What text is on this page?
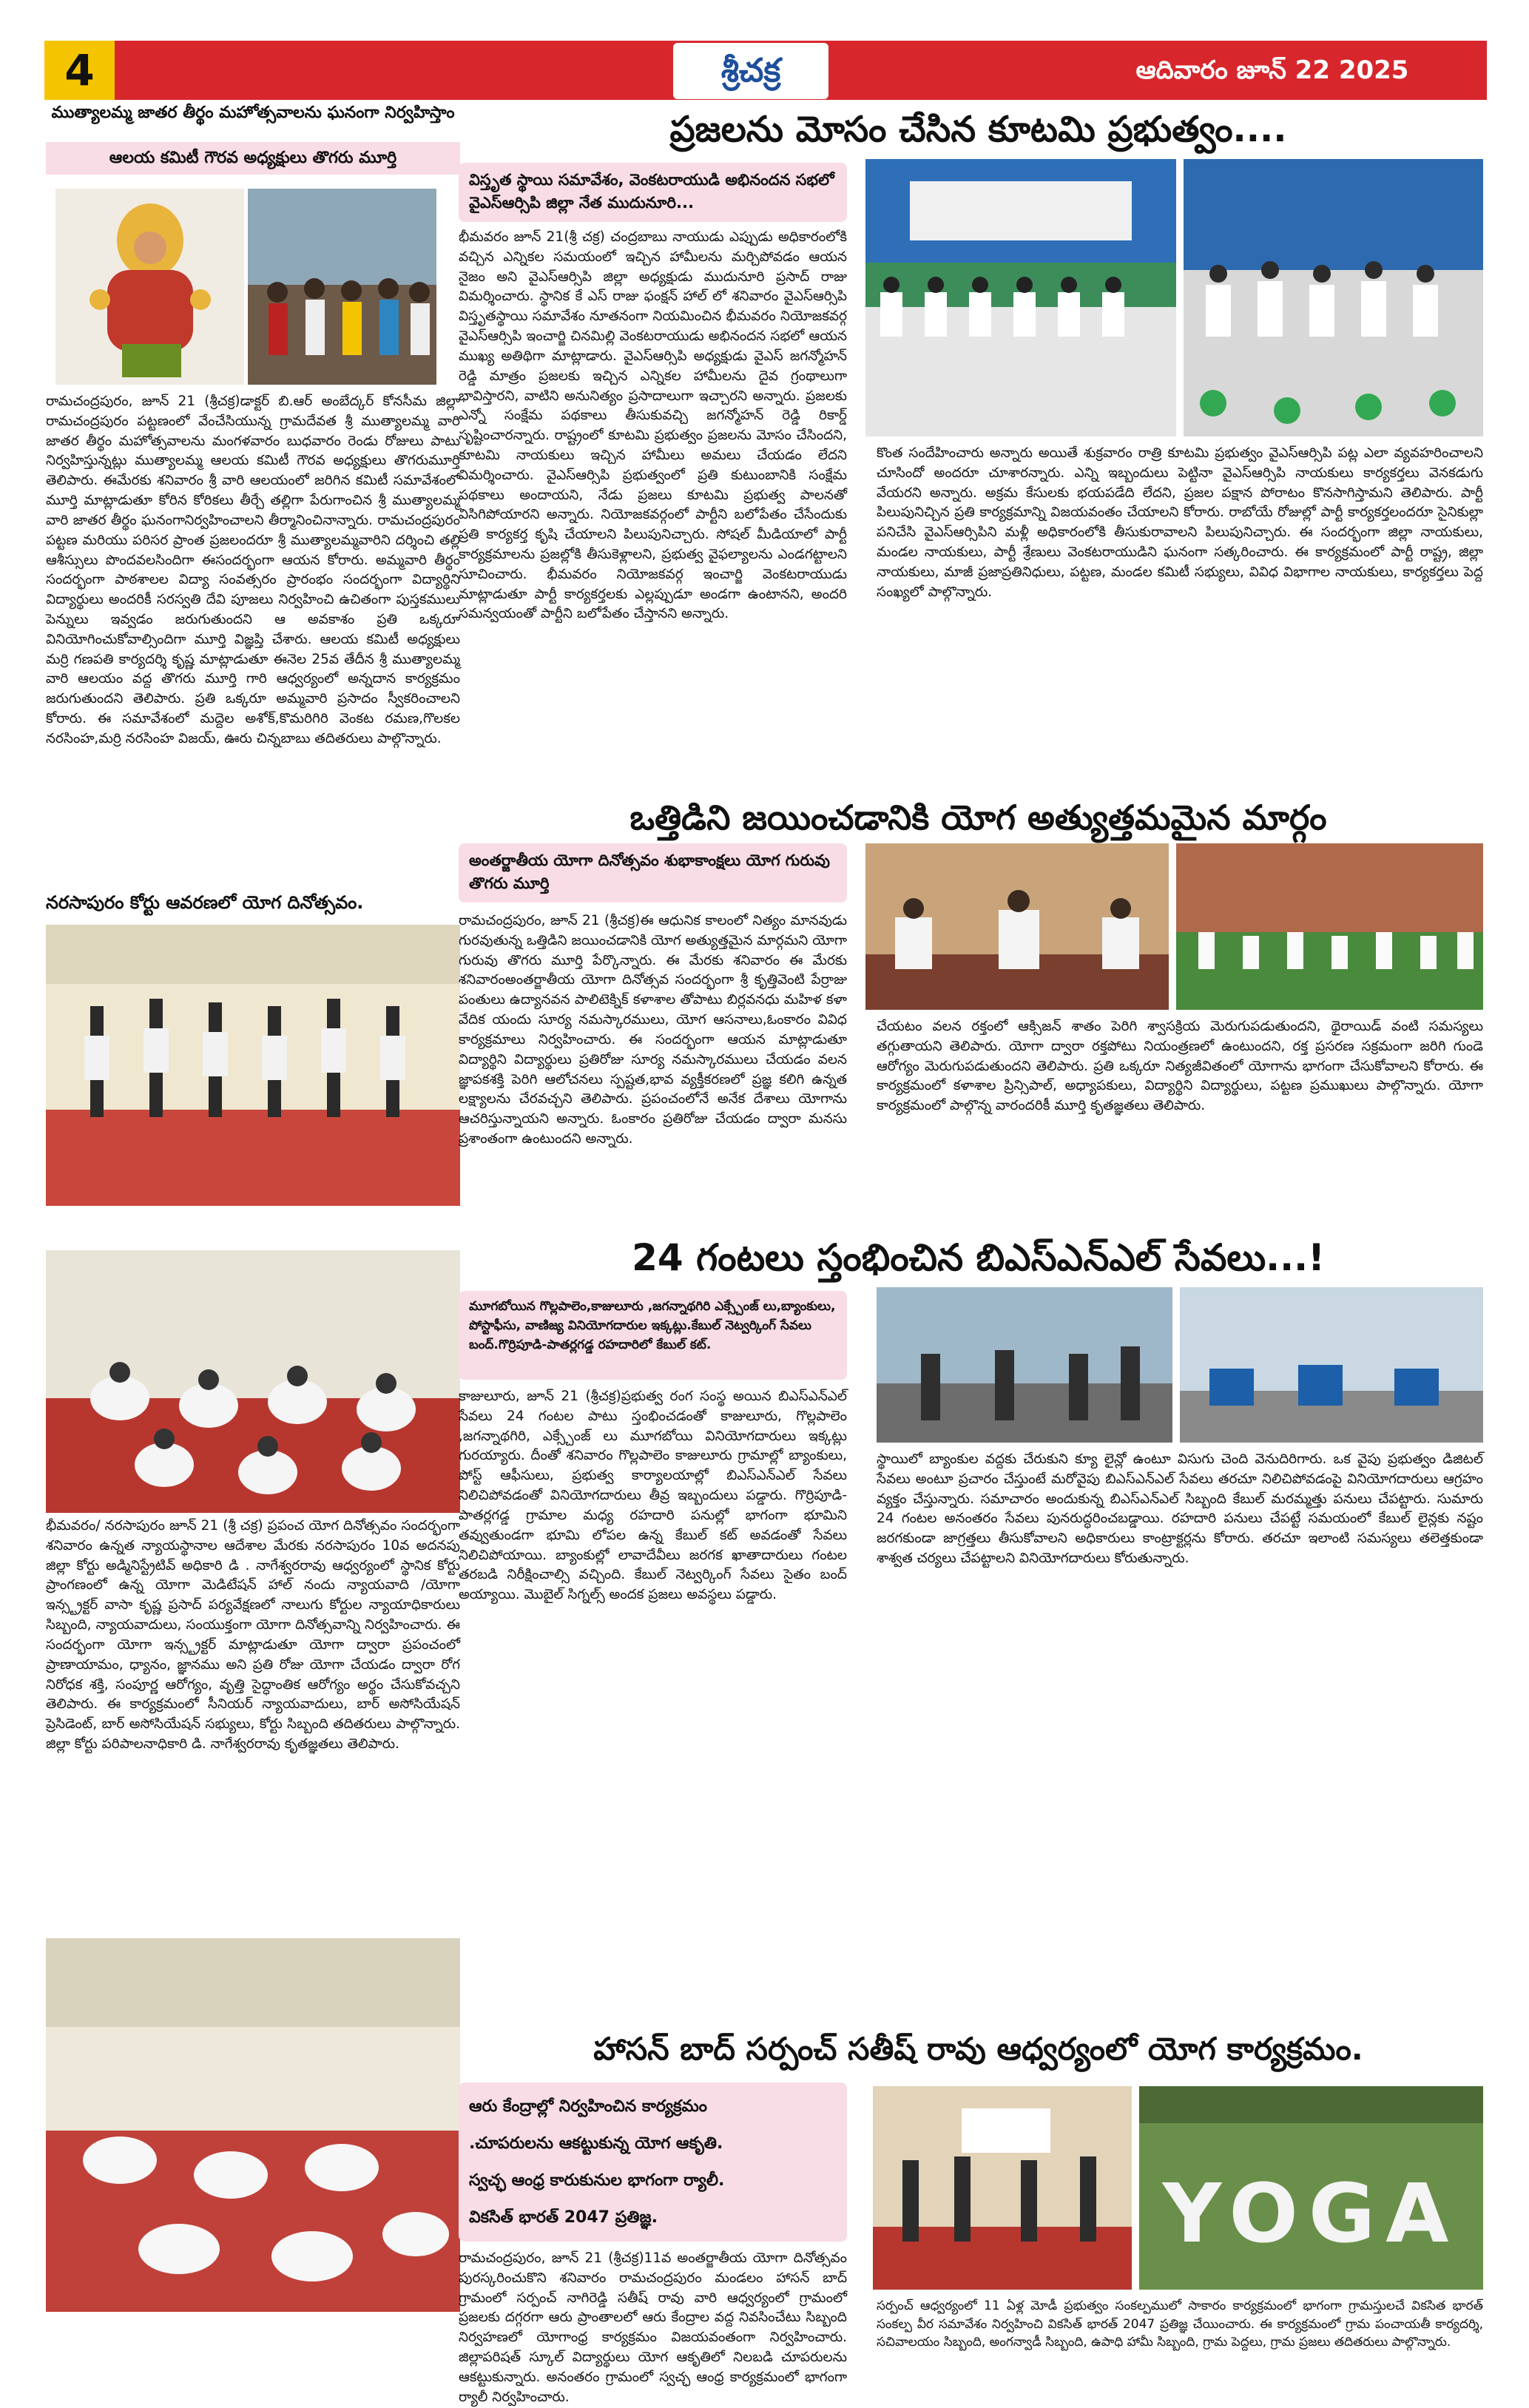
4	శ్రీచక్ర	ఆదివారం జూన్ 22 2025
ముత్యాలమ్మ జాతర తీర్థం మహోత్సవాలను ఘనంగా నిర్వహిస్తాం
ఆలయ కమిటీ గౌరవ అధ్యక్షులు తొగరు మూర్తి
రామచంద్రపురం, జూన్ 21 (శ్రీచక్ర)డాక్టర్ బి.ఆర్ అంబేద్కర్ కోనసీమ జిల్లా రామచంద్రపురం పట్టణంలో వేంచేసియున్న గ్రామదేవత శ్రీ ముత్యాలమ్మ వారి జాతర తీర్థం మహోత్సవాలను మంగళవారం బుధవారం రెండు రోజులు పాటు నిర్వహిస్తున్నట్లు ముత్యాలమ్మ ఆలయ కమిటీ గౌరవ అధ్యక్షులు తొగరుమూర్తి తెలిపారు. ఈమేరకు శనివారం శ్రీ వారి ఆలయంలో జరిగిన కమిటీ సమావేశంలో మూర్తి మాట్లాడుతూ కోరిన కోరికలు తీర్చే తల్లిగా పేరుగాంచిన శ్రీ ముత్యాలమ్మ వారి జాతర తీర్థం ఘనంగానిర్వహించాలని తీర్మానించినాన్నారు. రామచంద్రపురం పట్టణ మరియు పరిసర ప్రాంత ప్రజలందరూ శ్రీ ముత్యాలమ్మవారిని దర్శించి తల్లి ఆశీస్సులు పొందవలసిందిగా ఈసందర్భంగా ఆయన కోరారు. అమ్మవారి తీర్థం సందర్భంగా పాఠశాలల విద్యా సంవత్సరం ప్రారంభం సందర్భంగా విద్యార్థిని విద్యార్థులు అందరికీ సరస్వతి దేవి పూజలు నిర్వహించి ఉచితంగా పుస్తకములు పెన్నులు ఇవ్వడం జరుగుతుందని ఆ అవకాశం ప్రతి ఒక్కరూ వినియోగించుకోవాల్సిందిగా మూర్తి విజ్ఞప్తి చేశారు. ఆలయ కమిటీ అధ్యక్షులు మర్రి గణపతి కార్యదర్శి కృష్ణ మాట్లాడుతూ ఈనెల 25వ తేదీన శ్రీ ముత్యాలమ్మ వారి ఆలయం వద్ద తొగరు మూర్తి గారి ఆధ్వర్యంలో అన్నదాన కార్యక్రమం జరుగుతుందని తెలిపారు. ప్రతి ఒక్కరూ అమ్మవారి ప్రసాదం స్వీకరించాలని కోరారు. ఈ సమావేశంలో మద్దెల అశోక్,కొమరిగిరి వెంకట రమణ,గొలకల నరసింహ,మర్రి నరసింహ విజయ్, ఊరు చిన్నబాబు తదితరులు పాల్గొన్నారు.
నరసాపురం కోర్టు ఆవరణలో యోగ దినోత్సవం.
భీమవరం/ నరసాపురం జూన్ 21 (శ్రీ చక్ర) ప్రపంచ యోగ దినోత్సవం సందర్భంగా శనివారం ఉన్నత న్యాయస్థానాల ఆదేశాల మేరకు నరసాపురం 10వ అదనపు జిల్లా కోర్టు అడ్మినిస్ట్రేటివ్ అధికారి డి . నాగేశ్వరరావు ఆధ్వర్యంలో స్థానిక కోర్టు ప్రాంగణంలో ఉన్న యోగా మెడిటేషన్ హాల్ నందు న్యాయవాది /యోగా ఇన్స్ట్రక్టర్ వాసా కృష్ణ ప్రసాద్ పర్యవేక్షణలో నాలుగు కోర్టుల న్యాయాధికారులు సిబ్బంది, న్యాయవాదులు, సంయుక్తంగా యోగా దినోత్సవాన్ని నిర్వహించారు. ఈ సందర్భంగా యోగా ఇన్స్ట్రక్టర్ మాట్లాడుతూ యోగా ద్వారా ప్రపంచంలో ప్రాణాయామం, ధ్యానం, జ్ఞానము అని ప్రతి రోజు యోగా చేయడం ద్వారా రోగ నిరోధక శక్తి, సంపూర్ణ ఆరోగ్యం, వృత్తి సైద్ధాంతిక ఆరోగ్యం అర్థం చేసుకోవచ్చని తెలిపారు. ఈ కార్యక్రమంలో సీనియర్ న్యాయవాదులు, బార్ అసోసియేషన్ ప్రెసిడెంట్, బార్ అసోసియేషన్ సభ్యులు, కోర్టు సిబ్బంది తదితరులు పాల్గొన్నారు. జిల్లా కోర్టు పరిపాలనాధికారి డి. నాగేశ్వరరావు కృతజ్ఞతలు తెలిపారు.
ప్రజలను మోసం చేసిన కూటమి ప్రభుత్వం....
విస్తృత స్థాయి సమావేశం, వెంకటరాయుడి అభినందన సభలో వైఎస్ఆర్సిపి జిల్లా నేత ముదునూరి...
భీమవరం జూన్ 21(శ్రీ చక్ర) చంద్రబాబు నాయుడు ఎప్పుడు అధికారంలోకి వచ్చిన ఎన్నికల సమయంలో ఇచ్చిన హామీలను మర్చిపోవడం ఆయన నైజం అని వైఎస్ఆర్సిపి జిల్లా అధ్యక్షుడు ముదునూరి ప్రసాద్ రాజు విమర్శించారు. స్థానిక కే ఎస్ రాజు ఫంక్షన్ హాల్ లో శనివారం వైఎస్ఆర్సిపి విస్తృతస్థాయి సమావేశం నూతనంగా నియమించిన భీమవరం నియోజకవర్గ వైఎస్ఆర్సిపి ఇంచార్జి చినమిల్లి వెంకటరాయుడు అభినందన సభలో ఆయన ముఖ్య అతిథిగా మాట్లాడారు. వైఎస్ఆర్సిపి అధ్యక్షుడు వైఎస్ జగన్మోహన్ రెడ్డి మాత్రం ప్రజలకు ఇచ్చిన ఎన్నికల హామీలను దైవ గ్రంథాలుగా భావిస్తారని, వాటిని అనునిత్యం ప్రసాదాలుగా ఇచ్చారని అన్నారు. ప్రజలకు ఎన్నో సంక్షేమ పథకాలు తీసుకువచ్చి జగన్మోహన్ రెడ్డి రికార్డ్ సృష్టించారన్నారు. రాష్ట్రంలో కూటమి ప్రభుత్వం ప్రజలను మోసం చేసిందని, కూటమి నాయకులు ఇచ్చిన హామీలు అమలు చేయడం లేదని విమర్శించారు. వైఎస్ఆర్సిపి ప్రభుత్వంలో ప్రతి కుటుంబానికి సంక్షేమ పథకాలు అందాయని, నేడు ప్రజలు కూటమి ప్రభుత్వ పాలనతో విసిగిపోయారని అన్నారు. నియోజకవర్గంలో పార్టీని బలోపేతం చేసేందుకు ప్రతి కార్యకర్త కృషి చేయాలని పిలుపునిచ్చారు. సోషల్ మీడియాలో పార్టీ కార్యక్రమాలను ప్రజల్లోకి తీసుకెళ్లాలని, ప్రభుత్వ వైఫల్యాలను ఎండగట్టాలని సూచించారు. భీమవరం నియోజకవర్గ ఇంచార్జి వెంకటరాయుడు మాట్లాడుతూ పార్టీ కార్యకర్తలకు ఎల్లప్పుడూ అండగా ఉంటానని, అందరి సమన్వయంతో పార్టీని బలోపేతం చేస్తానని అన్నారు.
కొంత సందేహించారు అన్నారు అయితే శుక్రవారం రాత్రి కూటమి ప్రభుత్వం వైఎస్ఆర్సిపి పట్ల ఎలా వ్యవహరించాలని చూసిందో అందరూ చూశారన్నారు. ఎన్ని ఇబ్బందులు పెట్టినా వైఎస్ఆర్సిపి నాయకులు కార్యకర్తలు వెనకడుగు వేయరని అన్నారు. అక్రమ కేసులకు భయపడేది లేదని, ప్రజల పక్షాన పోరాటం కొనసాగిస్తామని తెలిపారు. పార్టీ పిలుపునిచ్చిన ప్రతి కార్యక్రమాన్ని విజయవంతం చేయాలని కోరారు. రాబోయే రోజుల్లో పార్టీ కార్యకర్తలందరూ సైనికుల్లా పనిచేసి వైఎస్ఆర్సిపిని మళ్లీ అధికారంలోకి తీసుకురావాలని పిలుపునిచ్చారు. ఈ సందర్భంగా జిల్లా నాయకులు, మండల నాయకులు, పార్టీ శ్రేణులు వెంకటరాయుడిని ఘనంగా సత్కరించారు. ఈ కార్యక్రమంలో పార్టీ రాష్ట్ర, జిల్లా నాయకులు, మాజీ ప్రజాప్రతినిధులు, పట్టణ, మండల కమిటీ సభ్యులు, వివిధ విభాగాల నాయకులు, కార్యకర్తలు పెద్ద సంఖ్యలో పాల్గొన్నారు.
ఒత్తిడిని జయించడానికి యోగ అత్యుత్తమమైన మార్గం
అంతర్జాతీయ యోగా దినోత్సవం శుభాకాంక్షలు యోగ గురువు తొగరు మూర్తి
రామచంద్రపురం, జూన్ 21 (శ్రీచక్ర)ఈ ఆధునిక కాలంలో నిత్యం మానవుడు గురవుతున్న ఒత్తిడిని జయించడానికి యోగ అత్యుత్తమైన మార్గమని యోగా గురువు తొగరు మూర్తి పేర్కొన్నారు. ఈ మేరకు శనివారం ఈ మేరకు శనివారంఅంతర్జాతీయ యోగా దినోత్సవ సందర్భంగా శ్రీ కృత్తివెంటి పేర్రాజు పంతులు ఉద్యానవన పాలిటెక్నిక్ కళాశాల తోపాటు బిర్లవనధు మహిళ కళా వేదిక యందు సూర్య నమస్కారములు, యోగ ఆసనాలు,ఓంకారం వివిధ కార్యక్రమాలు నిర్వహించారు. ఈ సందర్భంగా ఆయన మాట్లాడుతూ విద్యార్థిని విద్యార్థులు ప్రతిరోజు సూర్య నమస్కారములు చేయడం వలన జ్ఞాపకశక్తి పెరిగి ఆలోచనలు స్పష్టత,భావ వ్యక్తీకరణలో ప్రజ్ఞ కలిగి ఉన్నత లక్ష్యాలను చేరవచ్చని తెలిపారు. ప్రపంచంలోనే అనేక దేశాలు యోగాను ఆచరిస్తున్నాయని అన్నారు. ఓంకారం ప్రతిరోజు చేయడం ద్వారా మనసు ప్రశాంతంగా ఉంటుందని అన్నారు.
చేయటం వలన రక్తంలో ఆక్సిజన్ శాతం పెరిగి శ్వాసక్రియ మెరుగుపడుతుందని, థైరాయిడ్ వంటి సమస్యలు తగ్గుతాయని తెలిపారు. యోగా ద్వారా రక్తపోటు నియంత్రణలో ఉంటుందని, రక్త ప్రసరణ సక్రమంగా జరిగి గుండె ఆరోగ్యం మెరుగుపడుతుందని తెలిపారు. ప్రతి ఒక్కరూ నిత్యజీవితంలో యోగాను భాగంగా చేసుకోవాలని కోరారు. ఈ కార్యక్రమంలో కళాశాల ప్రిన్సిపాల్, అధ్యాపకులు, విద్యార్థిని విద్యార్థులు, పట్టణ ప్రముఖులు పాల్గొన్నారు. యోగా కార్యక్రమంలో పాల్గొన్న వారందరికీ మూర్తి కృతజ్ఞతలు తెలిపారు.
24 గంటలు స్తంభించిన బిఎస్ఎన్ఎల్ సేవలు...!
మూగబోయిన గొల్లపాలెం,కాజులూరు ,జగన్నాథగిరి ఎక్స్చేంజ్ లు,బ్యాంకులు, పోస్టాఫీసు, వాణిజ్య వినియోగదారుల ఇక్కట్లు.కేబుల్ నెట్వర్కింగ్ సేవలు బంద్.గొర్రిపూడి-పాతర్లగడ్డ రహదారిలో కేబుల్ కట్.
కాజులూరు, జూన్ 21 (శ్రీచక్ర)ప్రభుత్వ రంగ సంస్థ అయిన బిఎస్ఎన్ఎల్ సేవలు 24 గంటల పాటు స్తంభించడంతో కాజులూరు, గొల్లపాలెం ,జగన్నాథగిరి, ఎక్స్చేంజ్ లు మూగబోయి వినియోగదారులు ఇక్కట్లు గురయ్యారు. దీంతో శనివారం గొల్లపాలెం కాజులూరు గ్రామాల్లో బ్యాంకులు, పోస్ట్ ఆఫీసులు, ప్రభుత్వ కార్యాలయాల్లో బిఎస్ఎన్ఎల్ సేవలు నిలిచిపోవడంతో వినియోగదారులు తీవ్ర ఇబ్బందులు పడ్డారు. గొర్రిపూడి- పాతర్లగడ్డ గ్రామాల మధ్య రహదారి పనుల్లో భాగంగా భూమిని తవ్వుతుండగా భూమి లోపల ఉన్న కేబుల్ కట్ అవడంతో సేవలు నిలిచిపోయాయి. బ్యాంకుల్లో లావాదేవీలు జరగక ఖాతాదారులు గంటల తరబడి నిరీక్షించాల్సి వచ్చింది. కేబుల్ నెట్వర్కింగ్ సేవలు సైతం బంద్ అయ్యాయి. మొబైల్ సిగ్నల్స్ అందక ప్రజలు అవస్థలు పడ్డారు.
స్థాయిలో బ్యాంకుల వద్దకు చేరుకుని క్యూ లైన్లో ఉంటూ విసుగు చెంది వెనుదిరిగారు. ఒక వైపు ప్రభుత్వం డిజిటల్ సేవలు అంటూ ప్రచారం చేస్తుంటే మరోవైపు బిఎస్ఎన్ఎల్ సేవలు తరచూ నిలిచిపోవడంపై వినియోగదారులు ఆగ్రహం వ్యక్తం చేస్తున్నారు. సమాచారం అందుకున్న బిఎస్ఎన్ఎల్ సిబ్బంది కేబుల్ మరమ్మత్తు పనులు చేపట్టారు. సుమారు 24 గంటల అనంతరం సేవలు పునరుద్ధరించబడ్డాయి. రహదారి పనులు చేపట్టే సమయంలో కేబుల్ లైన్లకు నష్టం జరగకుండా జాగ్రత్తలు తీసుకోవాలని అధికారులు కాంట్రాక్టర్లను కోరారు. తరచూ ఇలాంటి సమస్యలు తలెత్తకుండా శాశ్వత చర్యలు చేపట్టాలని వినియోగదారులు కోరుతున్నారు.
హాసన్ బాద్ సర్పంచ్ సతీష్ రావు ఆధ్వర్యంలో యోగ కార్యక్రమం.
ఆరు కేంద్రాల్లో నిర్వహించిన కార్యక్రమం
.చూపరులను ఆకట్టుకున్న యోగ ఆకృతి.
స్వచ్ఛ ఆంధ్ర కారుకునుల భాగంగా ర్యాలీ.
వికసిత్ భారత్ 2047 ప్రతిజ్ఞ.
రామచంద్రపురం, జూన్ 21 (శ్రీచక్ర)11వ అంతర్జాతీయ యోగా దినోత్సవం పురస్కరించుకొని శనివారం రామచంద్రపురం మండలం హాసన్ బాద్ గ్రామంలో సర్పంచ్ నాగిరెడ్డి సతీష్ రావు వారి ఆధ్వర్యంలో గ్రామంలో ప్రజలకు దగ్గరగా ఆరు ప్రాంతాలలో ఆరు కేంద్రాల వద్ద నివసించేటు సిబ్బంది నిర్వహణలో యోగాంధ్ర కార్యక్రమం విజయవంతంగా నిర్వహించారు. జిల్లాపరిషత్ స్కూల్ విద్యార్థులు యోగ ఆకృతిలో నిలబడి చూపరులను ఆకట్టుకున్నారు. అనంతరం గ్రామంలో స్వచ్ఛ ఆంధ్ర కార్యక్రమంలో భాగంగా ర్యాలీ నిర్వహించారు.
YOGA
సర్పంచ్ ఆధ్వర్యంలో 11 ఏళ్ల మోడీ ప్రభుత్వం సంకల్పములో సాకారం కార్యక్రమంలో భాగంగా గ్రామస్తులచే వికసిత భారత్ సంకల్ప వీర సమావేశం నిర్వహించి వికసిత్ భారత్ 2047 ప్రతిజ్ఞ చేయించారు. ఈ కార్యక్రమంలో గ్రామ పంచాయతీ కార్యదర్శి, సచివాలయం సిబ్బంది, అంగన్వాడీ సిబ్బంది, ఉపాధి హామీ సిబ్బంది, గ్రామ పెద్దలు, గ్రామ ప్రజలు తదితరులు పాల్గొన్నారు.
